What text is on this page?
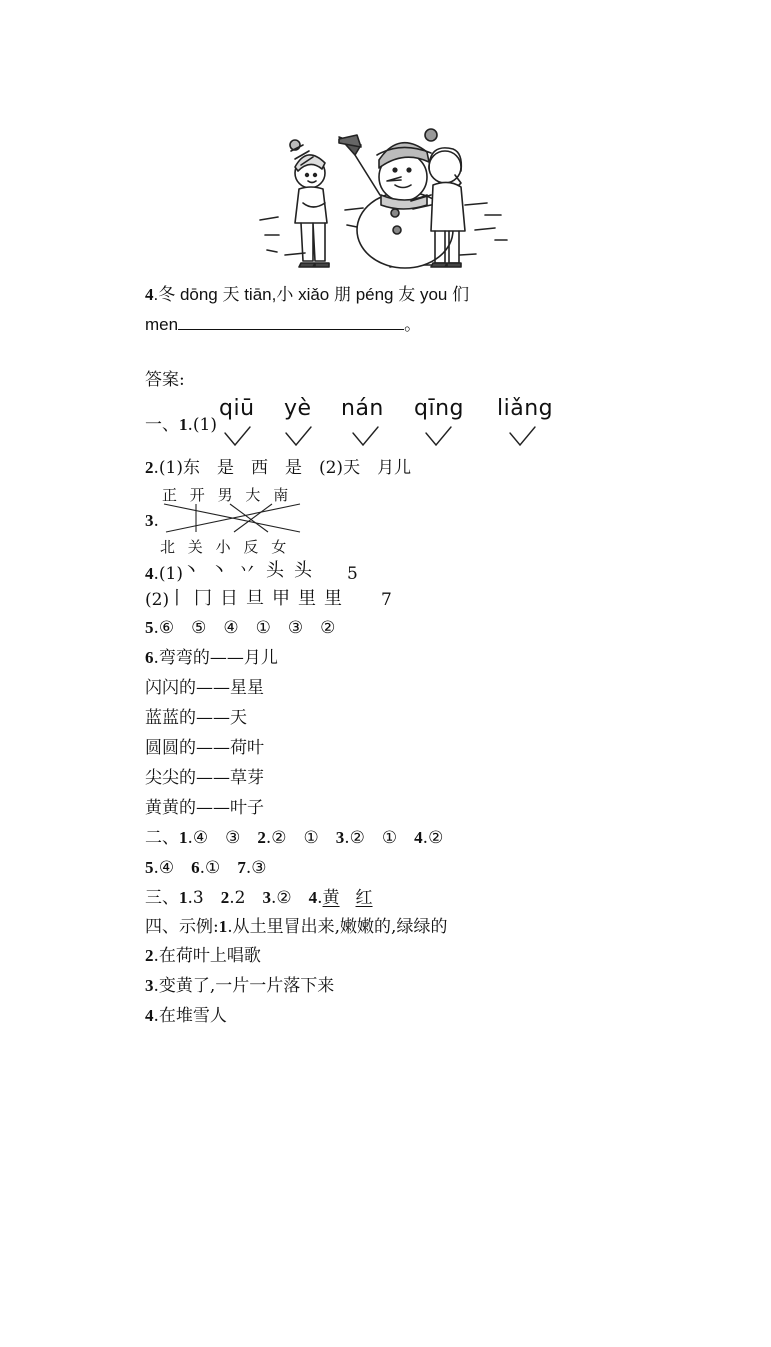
4.冬 dōng 天 tiān,小 xiǎo 朋 péng 友 you 们
men	。
答案:
一、1.(1)
qiū yè nán qīng liǎng
2.(1)东　是　西　是　(2)天　月儿
正 开 男 大 南
3.
北 关 小 反 女
4.(1) 丶丶丷头头 5
(2)
丨冂日旦甲里里 7
5.⑥　⑤　④　①　③　②
6.弯弯的——月儿
闪闪的——星星
蓝蓝的——天
圆圆的——荷叶
尖尖的——草芽
黄黄的——叶子
二、1.④　③　2.②　①　3.②　①　4.②
5.④　6.①　7.③
三、1.3　2.2　3.②　4.黄 红
四、示例:1.从土里冒出来,嫩嫩的,绿绿的
2.在荷叶上唱歌
3.变黄了,一片一片落下来
4.在堆雪人
